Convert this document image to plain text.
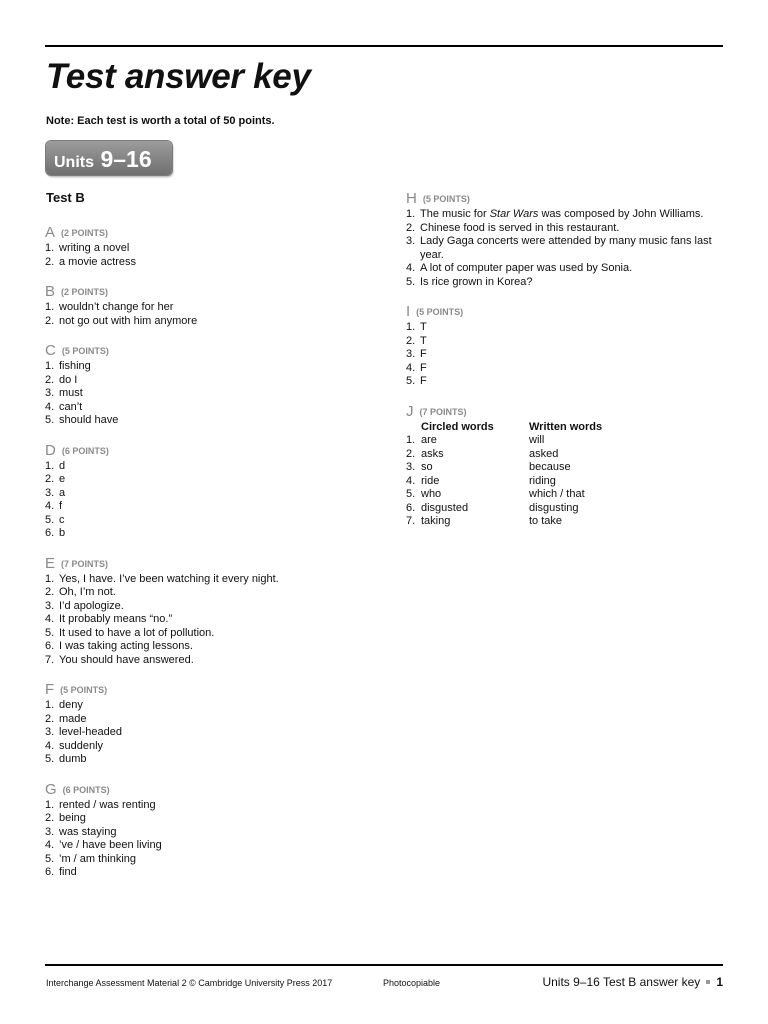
Test answer key
Note: Each test is worth a total of 50 points.
Units 9–16
Test B
A (2 POINTS)
1. writing a novel
2. a movie actress
B (2 POINTS)
1. wouldn’t change for her
2. not go out with him anymore
C (5 POINTS)
1. fishing
2. do I
3. must
4. can’t
5. should have
D (6 POINTS)
1. d
2. e
3. a
4. f
5. c
6. b
E (7 POINTS)
1. Yes, I have. I’ve been watching it every night.
2. Oh, I’m not.
3. I’d apologize.
4. It probably means “no.”
5. It used to have a lot of pollution.
6. I was taking acting lessons.
7. You should have answered.
F (5 POINTS)
1. deny
2. made
3. level-headed
4. suddenly
5. dumb
G (6 POINTS)
1. rented / was renting
2. being
3. was staying
4. ’ve / have been living
5. ’m / am thinking
6. find
H (5 POINTS)
1. The music for Star Wars was composed by John Williams.
2. Chinese food is served in this restaurant.
3. Lady Gaga concerts were attended by many music fans last year.
4. A lot of computer paper was used by Sonia.
5. Is rice grown in Korea?
I (5 POINTS)
1. T
2. T
3. F
4. F
5. F
J (7 POINTS)
	Circled words	Written words
1.	are	will
2.	asks	asked
3.	so	because
4.	ride	riding
5.	who	which / that
6.	disgusted	disgusting
7.	taking	to take
Interchange Assessment Material 2 © Cambridge University Press 2017	Photocopiable	Units 9–16 Test B answer key 1
